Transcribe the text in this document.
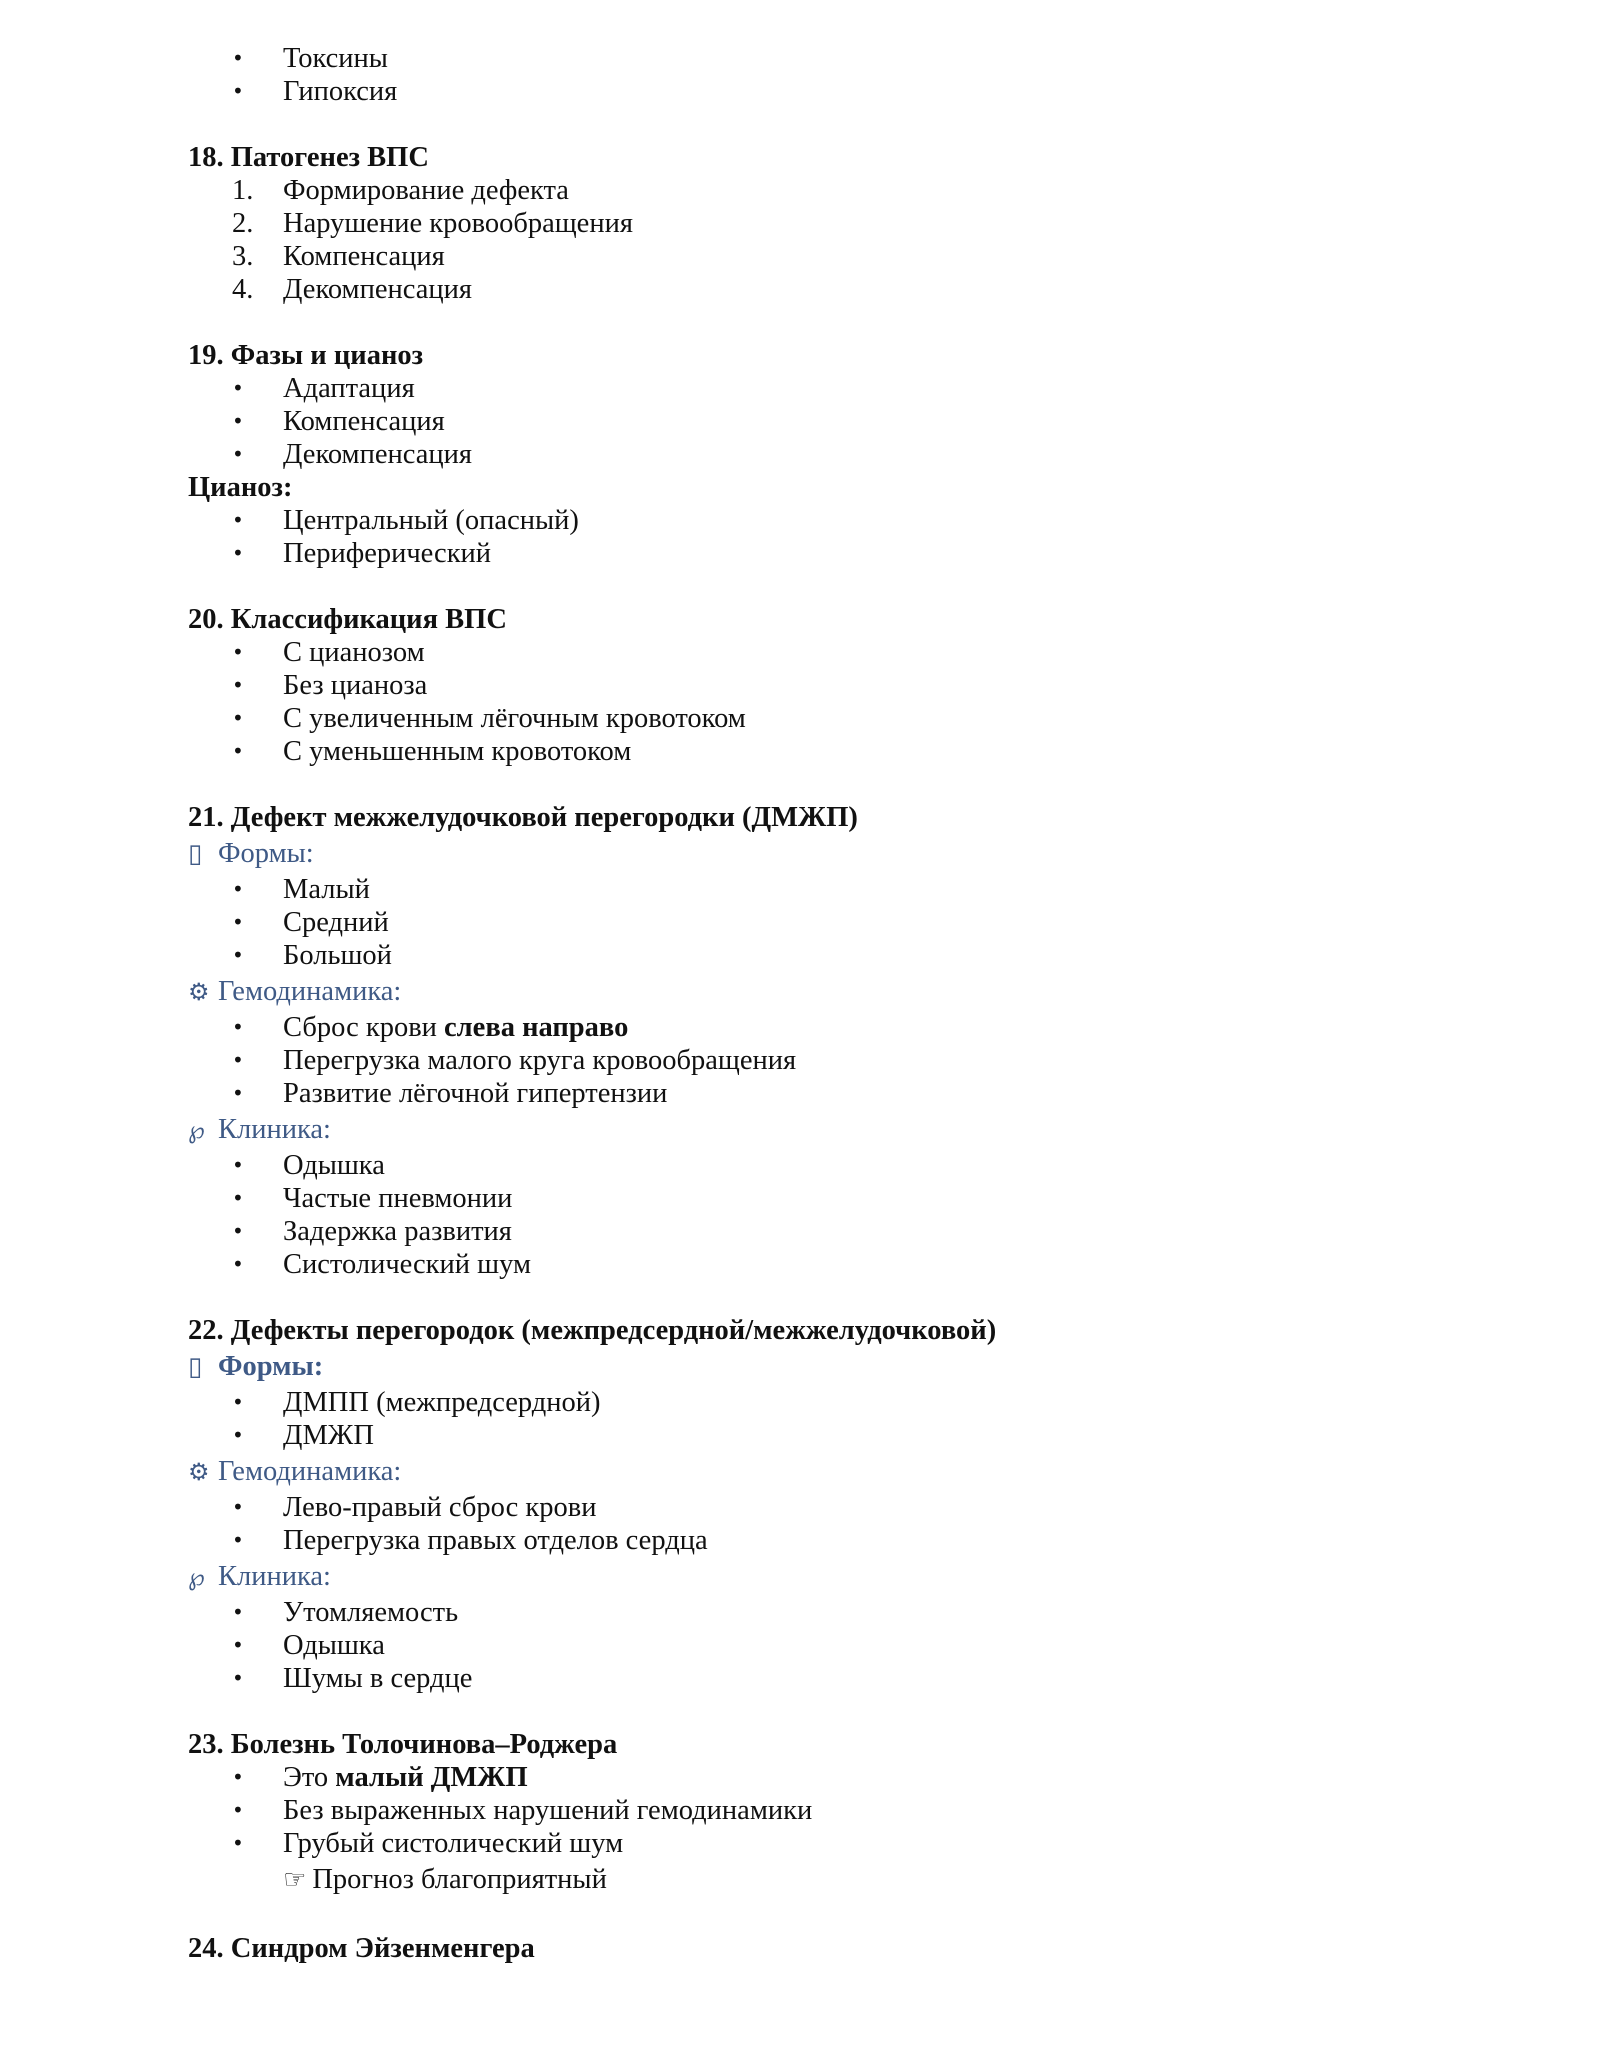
• Токсины
• Гипоксия
18. Патогенез ВПС
1. Формирование дефекта
2. Нарушение кровообращения
3. Компенсация
4. Декомпенсация
19. Фазы и цианоз
• Адаптация
• Компенсация
• Декомпенсация
Цианоз:
• Центральный (опасный)
• Периферический
20. Классификация ВПС
• С цианозом
• Без цианоза
• С увеличенным лёгочным кровотоком
• С уменьшенным кровотоком
21. Дефект межжелудочковой перегородки (ДМЖП)
▯ Формы:
• Малый
• Средний
• Большой
⚙ Гемодинамика:
• Сброс крови слева направо
• Перегрузка малого круга кровообращения
• Развитие лёгочной гипертензии
℘ Клиника:
• Одышка
• Частые пневмонии
• Задержка развития
• Систолический шум
22. Дефекты перегородок (межпредсердной/межжелудочковой)
▯ Формы:
• ДМПП (межпредсердной)
• ДМЖП
⚙ Гемодинамика:
• Лево-правый сброс крови
• Перегрузка правых отделов сердца
℘ Клиника:
• Утомляемость
• Одышка
• Шумы в сердце
23. Болезнь Толочинова–Роджера
• Это малый ДМЖП
• Без выраженных нарушений гемодинамики
• Грубый систолический шум
☞ Прогноз благоприятный
24. Синдром Эйзенменгера
